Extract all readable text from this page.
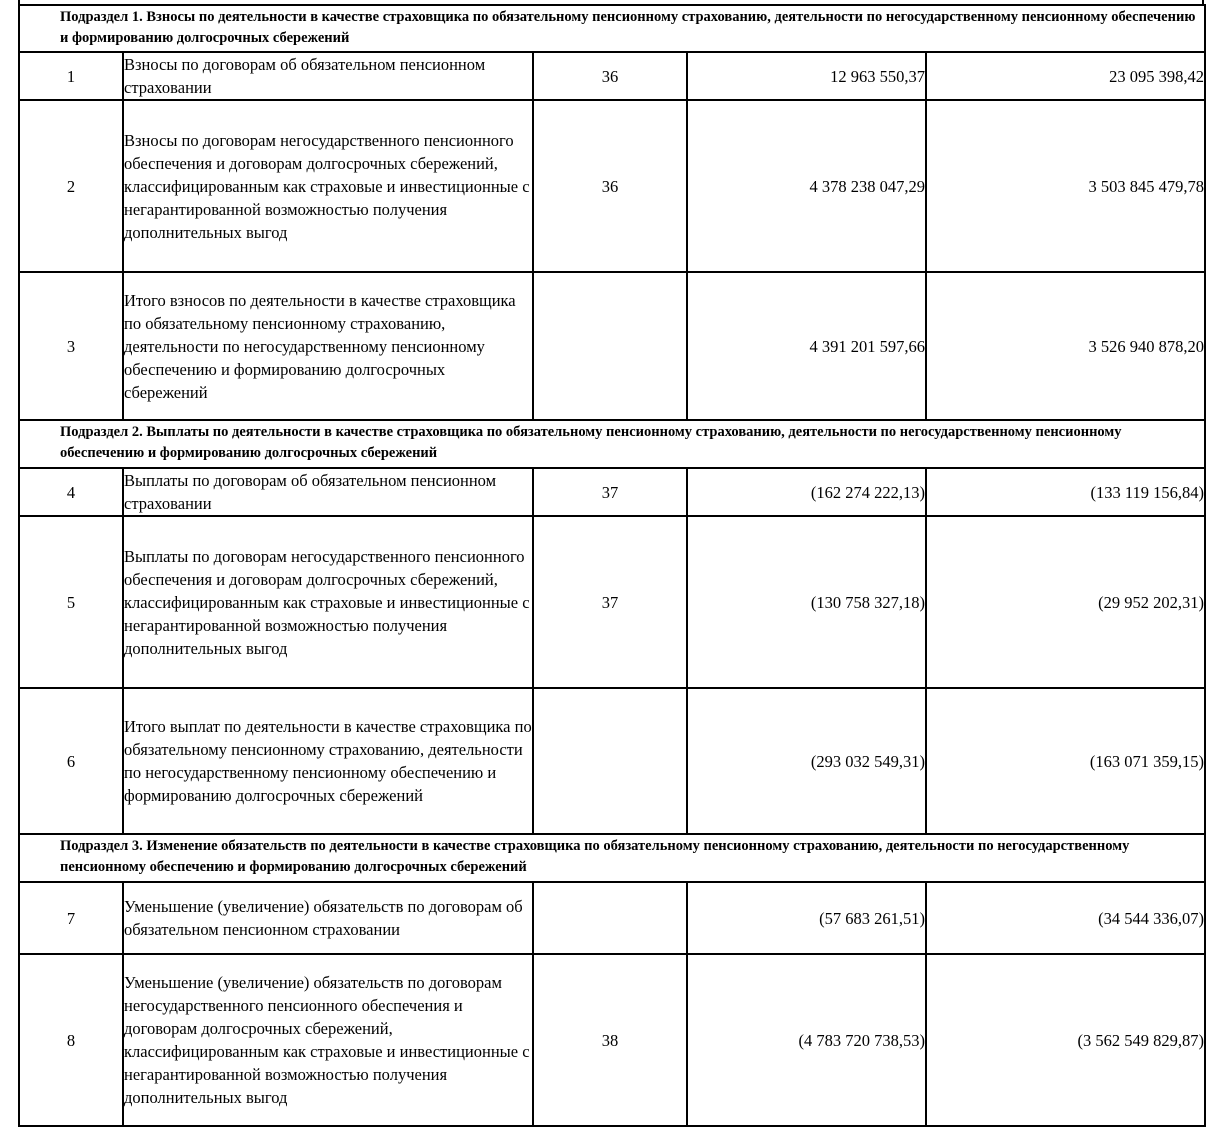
Подраздел 1. Взносы по деятельности в качестве страховщика по обязательному пенсионному страхованию, деятельности по негосударственному пенсионному обеспечению и формированию долгосрочных сбережений				
1	Взносы по договорам об обязательном пенсионном страховании	36	12 963 550,37	23 095 398,42
2	Взносы по договорам негосударственного пенсионного обеспечения и договорам долгосрочных сбережений, классифицированным как страховые и инвестиционные с негарантированной возможностью получения дополнительных выгод	36	4 378 238 047,29	3 503 845 479,78
3	Итого взносов по деятельности в качестве страховщика по обязательному пенсионному страхованию, деятельности по негосударственному пенсионному обеспечению и формированию долгосрочных сбережений		4 391 201 597,66	3 526 940 878,20
Подраздел 2. Выплаты по деятельности в качестве страховщика по обязательному пенсионному страхованию, деятельности по негосударственному пенсионному обеспечению и формированию долгосрочных сбережений				
4	Выплаты по договорам об обязательном пенсионном страховании	37	(162 274 222,13)	(133 119 156,84)
5	Выплаты по договорам негосударственного пенсионного обеспечения и договорам долгосрочных сбережений, классифицированным как страховые и инвестиционные с негарантированной возможностью получения дополнительных выгод	37	(130 758 327,18)	(29 952 202,31)
6	Итого выплат по деятельности в качестве страховщика по обязательному пенсионному страхованию, деятельности по негосударственному пенсионному обеспечению и формированию долгосрочных сбережений		(293 032 549,31)	(163 071 359,15)
Подраздел 3. Изменение обязательств по деятельности в качестве страховщика по обязательному пенсионному страхованию, деятельности по негосударственному пенсионному обеспечению и формированию долгосрочных сбережений				
7	Уменьшение (увеличение) обязательств по договорам об обязательном пенсионном страховании		(57 683 261,51)	(34 544 336,07)
8	Уменьшение (увеличение) обязательств по договорам негосударственного пенсионного обеспечения и договорам долгосрочных сбережений, классифицированным как страховые и инвестиционные с негарантированной возможностью получения дополнительных выгод	38	(4 783 720 738,53)	(3 562 549 829,87)
